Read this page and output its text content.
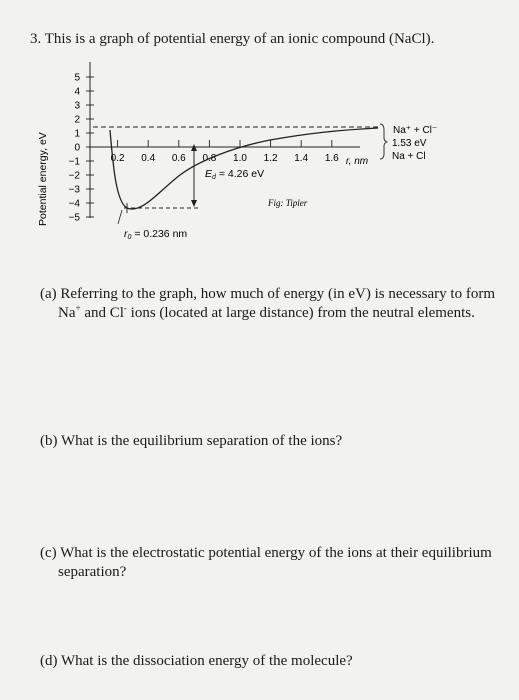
3. This is a graph of potential energy of an ionic compound (NaCl).
Potential energy, eV
5
4
3
2
1
0
−1
−2
−3
−4
−5
0.2 0.4 0.6 0.8 1.0 1.2 1.4 1.6 r, nm
Ed = 4.26 eV
r0 = 0.236 nm
Na⁺ + Cl⁻
1.53 eV
Na + Cl
Fig: Tipler
(a) Referring to the graph, how much of energy (in eV) is necessary to form
Na+ and Cl- ions (located at large distance) from the neutral elements.
(b) What is the equilibrium separation of the ions?
(c) What is the electrostatic potential energy of the ions at their equilibrium
separation?
(d) What is the dissociation energy of the molecule?
